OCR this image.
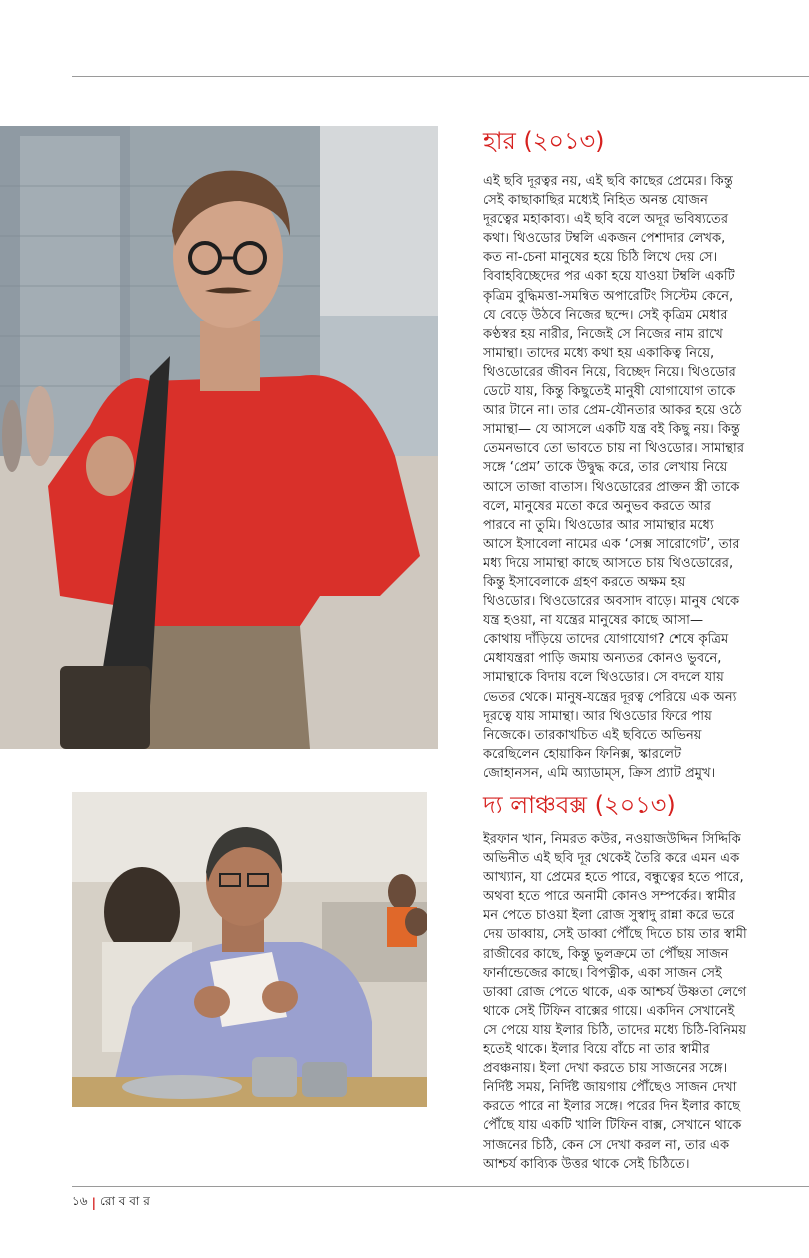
হার (২০১৩)

এই ছবি দূরত্বর নয়, এই ছবি কাছের প্রেমের। কিন্তু
সেই কাছাকাছির মধ্যেই নিহিত অনন্ত যোজন
দূরত্বের মহাকাব্য। এই ছবি বলে অদূর ভবিষ্যতের
কথা। থিওডোর টম্বলি একজন পেশাদার লেখক,
কত না-চেনা মানুষের হয়ে চিঠি লিখে দেয় সে।
বিবাহবিচ্ছেদের পর একা হয়ে যাওয়া টম্বলি একটি
কৃত্রিম বুদ্ধিমত্তা-সমন্বিত অপারেটিং সিস্টেম কেনে,
যে বেড়ে উঠবে নিজের ছন্দে। সেই কৃত্রিম মেধার
কণ্ঠস্বর হয় নারীর, নিজেই সে নিজের নাম রাখে
সামান্থা। তাদের মধ্যে কথা হয় একাকিত্ব নিয়ে,
থিওডোরের জীবন নিয়ে, বিচ্ছেদ নিয়ে। থিওডোর
ডেটে যায়, কিন্তু কিছুতেই মানুষী যোগাযোগ তাকে
আর টানে না। তার প্রেম-যৌনতার আকর হয়ে ওঠে
সামান্থা— যে আসলে একটি যন্ত্র বই কিছু নয়। কিন্তু
তেমনভাবে তো ভাবতে চায় না থিওডোর। সামান্থার
সঙ্গে ‘প্রেম’ তাকে উদ্বুদ্ধ করে, তার লেখায় নিয়ে
আসে তাজা বাতাস। থিওডোরের প্রাক্তন স্ত্রী তাকে
বলে, মানুষের মতো করে অনুভব করতে আর
পারবে না তুমি। থিওডোর আর সামান্থার মধ্যে
আসে ইসাবেলা নামের এক ‘সেক্স সারোগেট’, তার
মধ্য দিয়ে সামান্থা কাছে আসতে চায় থিওডোরের,
কিন্তু ইসাবেলাকে গ্রহণ করতে অক্ষম হয়
থিওডোর। থিওডোরের অবসাদ বাড়ে। মানুষ থেকে
যন্ত্র হওয়া, না যন্ত্রের মানুষের কাছে আসা—
কোথায় দাঁড়িয়ে তাদের যোগাযোগ? শেষে কৃত্রিম
মেধাযন্ত্ররা পাড়ি জমায় অন্যতর কোনও ভুবনে,
সামান্থাকে বিদায় বলে থিওডোর। সে বদলে যায়
ভেতর থেকে। মানুষ-যন্ত্রের দূরত্ব পেরিয়ে এক অন্য
দূরত্বে যায় সামান্থা। আর থিওডোর ফিরে পায়
নিজেকে। তারকাখচিত এই ছবিতে অভিনয়
করেছিলেন হোয়াকিন ফিনিক্স, স্কারলেট
জোহানসন, এমি অ্যাডাম্স, ক্রিস প্র্যাট প্রমুখ।

দ্য লাঞ্চবক্স (২০১৩)

ইরফান খান, নিমরত কউর, নওয়াজউদ্দিন সিদ্দিকি
অভিনীত এই ছবি দূর থেকেই তৈরি করে এমন এক
আখ্যান, যা প্রেমের হতে পারে, বন্ধুত্বের হতে পারে,
অথবা হতে পারে অনামী কোনও সম্পর্কের। স্বামীর
মন পেতে চাওয়া ইলা রোজ সুস্বাদু রান্না করে ভরে
দেয় ডাব্বায়, সেই ডাব্বা পৌঁছে দিতে চায় তার স্বামী
রাজীবের কাছে, কিন্তু ভুলক্রমে তা পৌঁছয় সাজন
ফার্নান্ডেজের কাছে। বিপত্নীক, একা সাজন সেই
ডাব্বা রোজ পেতে থাকে, এক আশ্চর্য উষ্ণতা লেগে
থাকে সেই টিফিন বাক্সের গায়ে। একদিন সেখানেই
সে পেয়ে যায় ইলার চিঠি, তাদের মধ্যে চিঠি-বিনিময়
হতেই থাকে। ইলার বিয়ে বাঁচে না তার স্বামীর
প্রবঞ্চনায়। ইলা দেখা করতে চায় সাজনের সঙ্গে।
নির্দিষ্ট সময়, নির্দিষ্ট জায়গায় পৌঁছেও সাজন দেখা
করতে পারে না ইলার সঙ্গে। পরের দিন ইলার কাছে
পৌঁছে যায় একটি খালি টিফিন বাক্স, সেখানে থাকে
সাজনের চিঠি, কেন সে দেখা করল না, তার এক
আশ্চর্য কাব্যিক উত্তর থাকে সেই চিঠিতে।

১৬ | রো ব বা র
